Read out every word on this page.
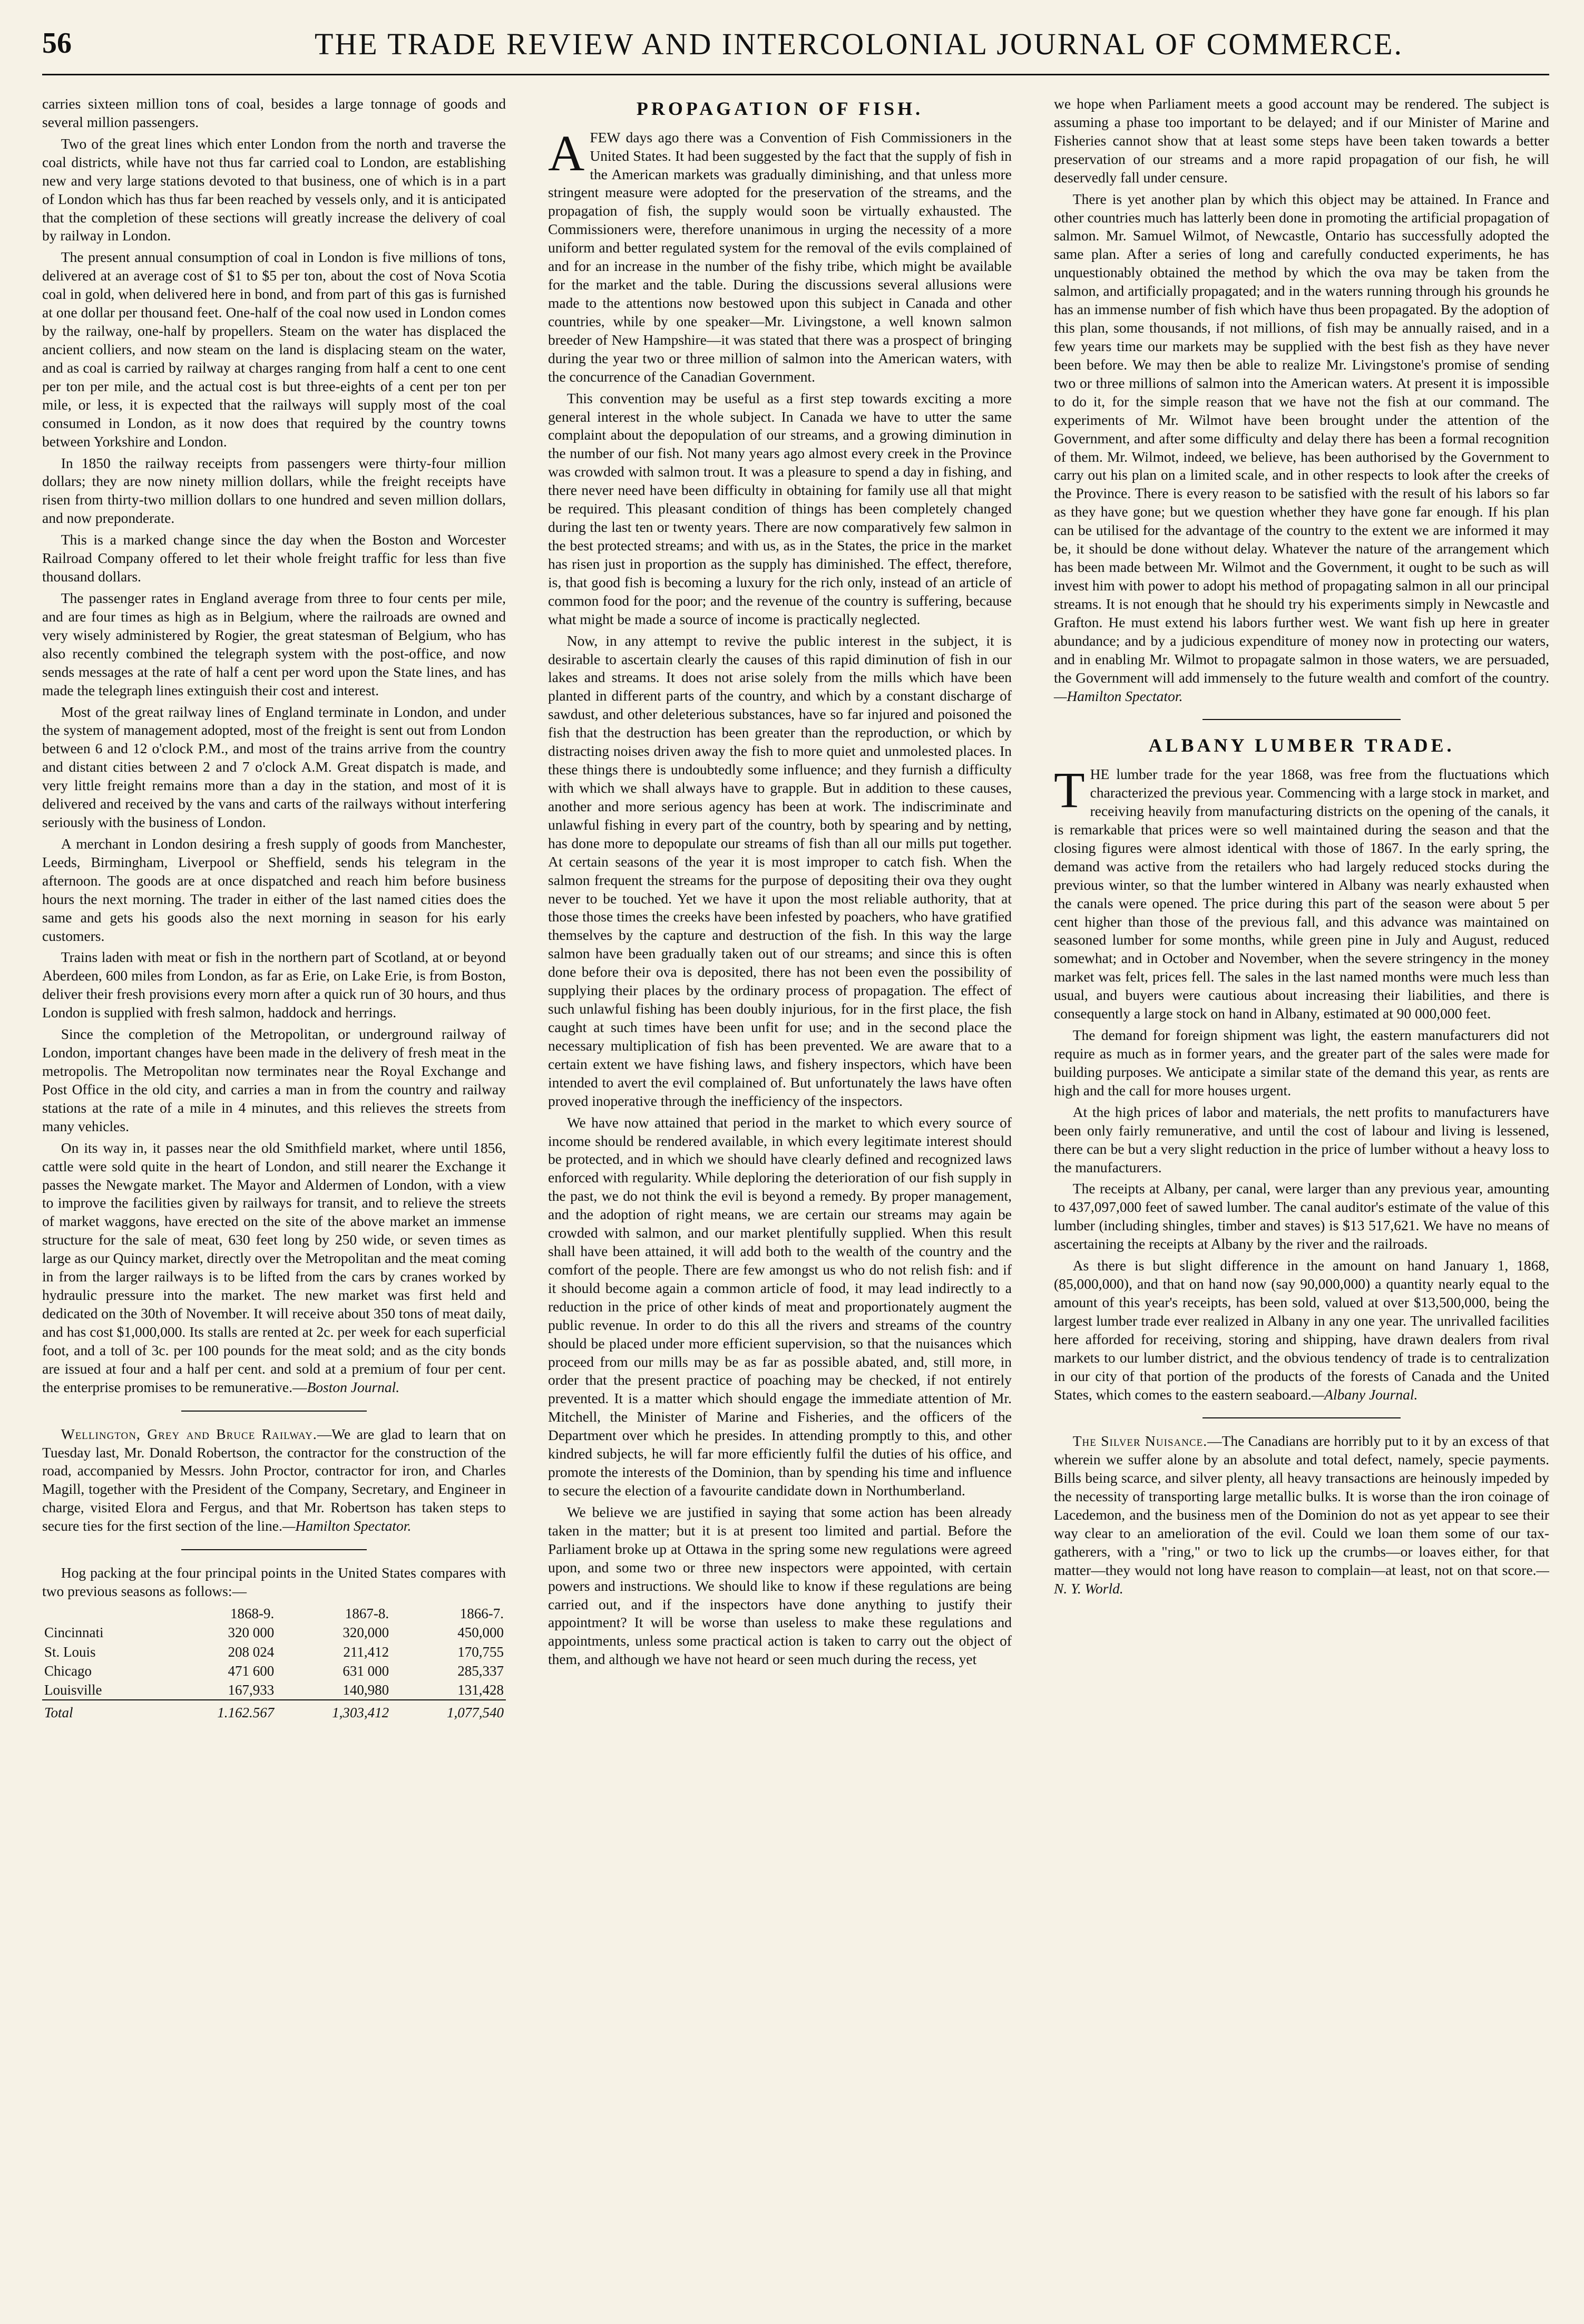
56	THE TRADE REVIEW AND INTERCOLONIAL JOURNAL OF COMMERCE.

carries sixteen million tons of coal, besides a large tonnage of goods and several million passengers.

Two of the great lines which enter London from the north and traverse the coal districts, while have not thus far carried coal to London, are establishing new and very large stations devoted to that business, one of which is in a part of London which has thus far been reached by vessels only, and it is anticipated that the completion of these sections will greatly increase the delivery of coal by railway in London.

The present annual consumption of coal in London is five millions of tons, delivered at an average cost of $1 to $5 per ton, about the cost of Nova Scotia coal in gold, when delivered here in bond, and from part of this gas is furnished at one dollar per thousand feet. One-half of the coal now used in London comes by the railway, one-half by propellers. Steam on the water has displaced the ancient colliers, and now steam on the land is displacing steam on the water, and as coal is carried by railway at charges ranging from half a cent to one cent per ton per mile, and the actual cost is but three-eights of a cent per ton per mile, or less, it is expected that the railways will supply most of the coal consumed in London, as it now does that required by the country towns between Yorkshire and London.

In 1850 the railway receipts from passengers were thirty-four million dollars; they are now ninety million dollars, while the freight receipts have risen from thirty-two million dollars to one hundred and seven million dollars, and now preponderate.

This is a marked change since the day when the Boston and Worcester Railroad Company offered to let their whole freight traffic for less than five thousand dollars.

The passenger rates in England average from three to four cents per mile, and are four times as high as in Belgium, where the railroads are owned and very wisely administered by Rogier, the great statesman of Belgium, who has also recently combined the telegraph system with the post-office, and now sends messages at the rate of half a cent per word upon the State lines, and has made the telegraph lines extinguish their cost and interest.

Most of the great railway lines of England terminate in London, and under the system of management adopted, most of the freight is sent out from London between 6 and 12 o'clock P.M., and most of the trains arrive from the country and distant cities between 2 and 7 o'clock A.M. Great dispatch is made, and very little freight remains more than a day in the station, and most of it is delivered and received by the vans and carts of the railways without interfering seriously with the business of London.

A merchant in London desiring a fresh supply of goods from Manchester, Leeds, Birmingham, Liverpool or Sheffield, sends his telegram in the afternoon. The goods are at once dispatched and reach him before business hours the next morning. The trader in either of the last named cities does the same and gets his goods also the next morning in season for his early customers.

Trains laden with meat or fish in the northern part of Scotland, at or beyond Aberdeen, 600 miles from London, as far as Erie, on Lake Erie, is from Boston, deliver their fresh provisions every morn after a quick run of 30 hours, and thus London is supplied with fresh salmon, haddock and herrings.

Since the completion of the Metropolitan, or underground railway of London, important changes have been made in the delivery of fresh meat in the metropolis. The Metropolitan now terminates near the Royal Exchange and Post Office in the old city, and carries a man in from the country and railway stations at the rate of a mile in 4 minutes, and this relieves the streets from many vehicles.

On its way in, it passes near the old Smithfield market, where until 1856, cattle were sold quite in the heart of London, and still nearer the Exchange it passes the Newgate market. The Mayor and Aldermen of London, with a view to improve the facilities given by railways for transit, and to relieve the streets of market waggons, have erected on the site of the above market an immense structure for the sale of meat, 630 feet long by 250 wide, or seven times as large as our Quincy market, directly over the Metropolitan and the meat coming in from the larger railways is to be lifted from the cars by cranes worked by hydraulic pressure into the market. The new market was first held and dedicated on the 30th of November. It will receive about 350 tons of meat daily, and has cost $1,000,000. Its stalls are rented at 2c. per week for each superficial foot, and a toll of 3c. per 100 pounds for the meat sold; and as the city bonds are issued at four and a half per cent. and sold at a premium of four per cent. the enterprise promises to be remunerative.—Boston Journal.

Wellington, Grey and Bruce Railway.—We are glad to learn that on Tuesday last, Mr. Donald Robertson, the contractor for the construction of the road, accompanied by Messrs. John Proctor, contractor for iron, and Charles Magill, together with the President of the Company, Secretary, and Engineer in charge, visited Elora and Fergus, and that Mr. Robertson has taken steps to secure ties for the first section of the line.—Hamilton Spectator.

Hog packing at the four principal points in the United States compares with two previous seasons as follows:—

	1868-9.	1867-8.	1866-7.
Cincinnati	320 000	320,000	450,000
St. Louis	208 024	211,412	170,755
Chicago	471 600	631 000	285,337
Louisville	167,933	140,980	131,428
Total	1.162.567	1,303,412	1,077,540
PROPAGATION OF FISH.

AFEW days ago there was a Convention of Fish Commissioners in the United States. It had been suggested by the fact that the supply of fish in the American markets was gradually diminishing, and that unless more stringent measure were adopted for the preservation of the streams, and the propagation of fish, the supply would soon be virtually exhausted. The Commissioners were, therefore unanimous in urging the necessity of a more uniform and better regulated system for the removal of the evils complained of and for an increase in the number of the fishy tribe, which might be available for the market and the table. During the discussions several allusions were made to the attentions now bestowed upon this subject in Canada and other countries, while by one speaker—Mr. Livingstone, a well known salmon breeder of New Hampshire—it was stated that there was a prospect of bringing during the year two or three million of salmon into the American waters, with the concurrence of the Canadian Government.

This convention may be useful as a first step towards exciting a more general interest in the whole subject. In Canada we have to utter the same complaint about the depopulation of our streams, and a growing diminution in the number of our fish. Not many years ago almost every creek in the Province was crowded with salmon trout. It was a pleasure to spend a day in fishing, and there never need have been difficulty in obtaining for family use all that might be required. This pleasant condition of things has been completely changed during the last ten or twenty years. There are now comparatively few salmon in the best protected streams; and with us, as in the States, the price in the market has risen just in proportion as the supply has diminished. The effect, therefore, is, that good fish is becoming a luxury for the rich only, instead of an article of common food for the poor; and the revenue of the country is suffering, because what might be made a source of income is practically neglected.

Now, in any attempt to revive the public interest in the subject, it is desirable to ascertain clearly the causes of this rapid diminution of fish in our lakes and streams. It does not arise solely from the mills which have been planted in different parts of the country, and which by a constant discharge of sawdust, and other deleterious substances, have so far injured and poisoned the fish that the destruction has been greater than the reproduction, or which by distracting noises driven away the fish to more quiet and unmolested places. In these things there is undoubtedly some influence; and they furnish a difficulty with which we shall always have to grapple. But in addition to these causes, another and more serious agency has been at work. The indiscriminate and unlawful fishing in every part of the country, both by spearing and by netting, has done more to depopulate our streams of fish than all our mills put together. At certain seasons of the year it is most improper to catch fish. When the salmon frequent the streams for the purpose of depositing their ova they ought never to be touched. Yet we have it upon the most reliable authority, that at those those times the creeks have been infested by poachers, who have gratified themselves by the capture and destruction of the fish. In this way the large salmon have been gradually taken out of our streams; and since this is often done before their ova is deposited, there has not been even the possibility of supplying their places by the ordinary process of propagation. The effect of such unlawful fishing has been doubly injurious, for in the first place, the fish caught at such times have been unfit for use; and in the second place the necessary multiplication of fish has been prevented. We are aware that to a certain extent we have fishing laws, and fishery inspectors, which have been intended to avert the evil complained of. But unfortunately the laws have often proved inoperative through the inefficiency of the inspectors.

We have now attained that period in the market to which every source of income should be rendered available, in which every legitimate interest should be protected, and in which we should have clearly defined and recognized laws enforced with regularity. While deploring the deterioration of our fish supply in the past, we do not think the evil is beyond a remedy. By proper management, and the adoption of right means, we are certain our streams may again be crowded with salmon, and our market plentifully supplied. When this result shall have been attained, it will add both to the wealth of the country and the comfort of the people. There are few amongst us who do not relish fish: and if it should become again a common article of food, it may lead indirectly to a reduction in the price of other kinds of meat and proportionately augment the public revenue. In order to do this all the rivers and streams of the country should be placed under more efficient supervision, so that the nuisances which proceed from our mills may be as far as possible abated, and, still more, in order that the present practice of poaching may be checked, if not entirely prevented. It is a matter which should engage the immediate attention of Mr. Mitchell, the Minister of Marine and Fisheries, and the officers of the Department over which he presides. In attending promptly to this, and other kindred subjects, he will far more efficiently fulfil the duties of his office, and promote the interests of the Dominion, than by spending his time and influence to secure the election of a favourite candidate down in Northumberland.

We believe we are justified in saying that some action has been already taken in the matter; but it is at present too limited and partial. Before the Parliament broke up at Ottawa in the spring some new regulations were agreed upon, and some two or three new inspectors were appointed, with certain powers and instructions. We should like to know if these regulations are being carried out, and if the inspectors have done anything to justify their appointment? It will be worse than useless to make these regulations and appointments, unless some practical action is taken to carry out the object of them, and although we have not heard or seen much during the recess, yet

we hope when Parliament meets a good account may be rendered. The subject is assuming a phase too important to be delayed; and if our Minister of Marine and Fisheries cannot show that at least some steps have been taken towards a better preservation of our streams and a more rapid propagation of our fish, he will deservedly fall under censure.

There is yet another plan by which this object may be attained. In France and other countries much has latterly been done in promoting the artificial propagation of salmon. Mr. Samuel Wilmot, of Newcastle, Ontario has successfully adopted the same plan. After a series of long and carefully conducted experiments, he has unquestionably obtained the method by which the ova may be taken from the salmon, and artificially propagated; and in the waters running through his grounds he has an immense number of fish which have thus been propagated. By the adoption of this plan, some thousands, if not millions, of fish may be annually raised, and in a few years time our markets may be supplied with the best fish as they have never been before. We may then be able to realize Mr. Livingstone's promise of sending two or three millions of salmon into the American waters. At present it is impossible to do it, for the simple reason that we have not the fish at our command. The experiments of Mr. Wilmot have been brought under the attention of the Government, and after some difficulty and delay there has been a formal recognition of them. Mr. Wilmot, indeed, we believe, has been authorised by the Government to carry out his plan on a limited scale, and in other respects to look after the creeks of the Province. There is every reason to be satisfied with the result of his labors so far as they have gone; but we question whether they have gone far enough. If his plan can be utilised for the advantage of the country to the extent we are informed it may be, it should be done without delay. Whatever the nature of the arrangement which has been made between Mr. Wilmot and the Government, it ought to be such as will invest him with power to adopt his method of propagating salmon in all our principal streams. It is not enough that he should try his experiments simply in Newcastle and Grafton. He must extend his labors further west. We want fish up here in greater abundance; and by a judicious expenditure of money now in protecting our waters, and in enabling Mr. Wilmot to propagate salmon in those waters, we are persuaded, the Government will add immensely to the future wealth and comfort of the country.—Hamilton Spectator.

ALBANY LUMBER TRADE.

THE lumber trade for the year 1868, was free from the fluctuations which characterized the previous year. Commencing with a large stock in market, and receiving heavily from manufacturing districts on the opening of the canals, it is remarkable that prices were so well maintained during the season and that the closing figures were almost identical with those of 1867. In the early spring, the demand was active from the retailers who had largely reduced stocks during the previous winter, so that the lumber wintered in Albany was nearly exhausted when the canals were opened. The price during this part of the season were about 5 per cent higher than those of the previous fall, and this advance was maintained on seasoned lumber for some months, while green pine in July and August, reduced somewhat; and in October and November, when the severe stringency in the money market was felt, prices fell. The sales in the last named months were much less than usual, and buyers were cautious about increasing their liabilities, and there is consequently a large stock on hand in Albany, estimated at 90 000,000 feet.

The demand for foreign shipment was light, the eastern manufacturers did not require as much as in former years, and the greater part of the sales were made for building purposes. We anticipate a similar state of the demand this year, as rents are high and the call for more houses urgent.

At the high prices of labor and materials, the nett profits to manufacturers have been only fairly remunerative, and until the cost of labour and living is lessened, there can be but a very slight reduction in the price of lumber without a heavy loss to the manufacturers.

The receipts at Albany, per canal, were larger than any previous year, amounting to 437,097,000 feet of sawed lumber. The canal auditor's estimate of the value of this lumber (including shingles, timber and staves) is $13 517,621. We have no means of ascertaining the receipts at Albany by the river and the railroads.

As there is but slight difference in the amount on hand January 1, 1868, (85,000,000), and that on hand now (say 90,000,000) a quantity nearly equal to the amount of this year's receipts, has been sold, valued at over $13,500,000, being the largest lumber trade ever realized in Albany in any one year. The unrivalled facilities here afforded for receiving, storing and shipping, have drawn dealers from rival markets to our lumber district, and the obvious tendency of trade is to centralization in our city of that portion of the products of the forests of Canada and the United States, which comes to the eastern seaboard.—Albany Journal.

The Silver Nuisance.—The Canadians are horribly put to it by an excess of that wherein we suffer alone by an absolute and total defect, namely, specie payments. Bills being scarce, and silver plenty, all heavy transactions are heinously impeded by the necessity of transporting large metallic bulks. It is worse than the iron coinage of Lacedemon, and the business men of the Dominion do not as yet appear to see their way clear to an amelioration of the evil. Could we loan them some of our tax-gatherers, with a "ring," or two to lick up the crumbs—or loaves either, for that matter—they would not long have reason to complain—at least, not on that score.—N. Y. World.
